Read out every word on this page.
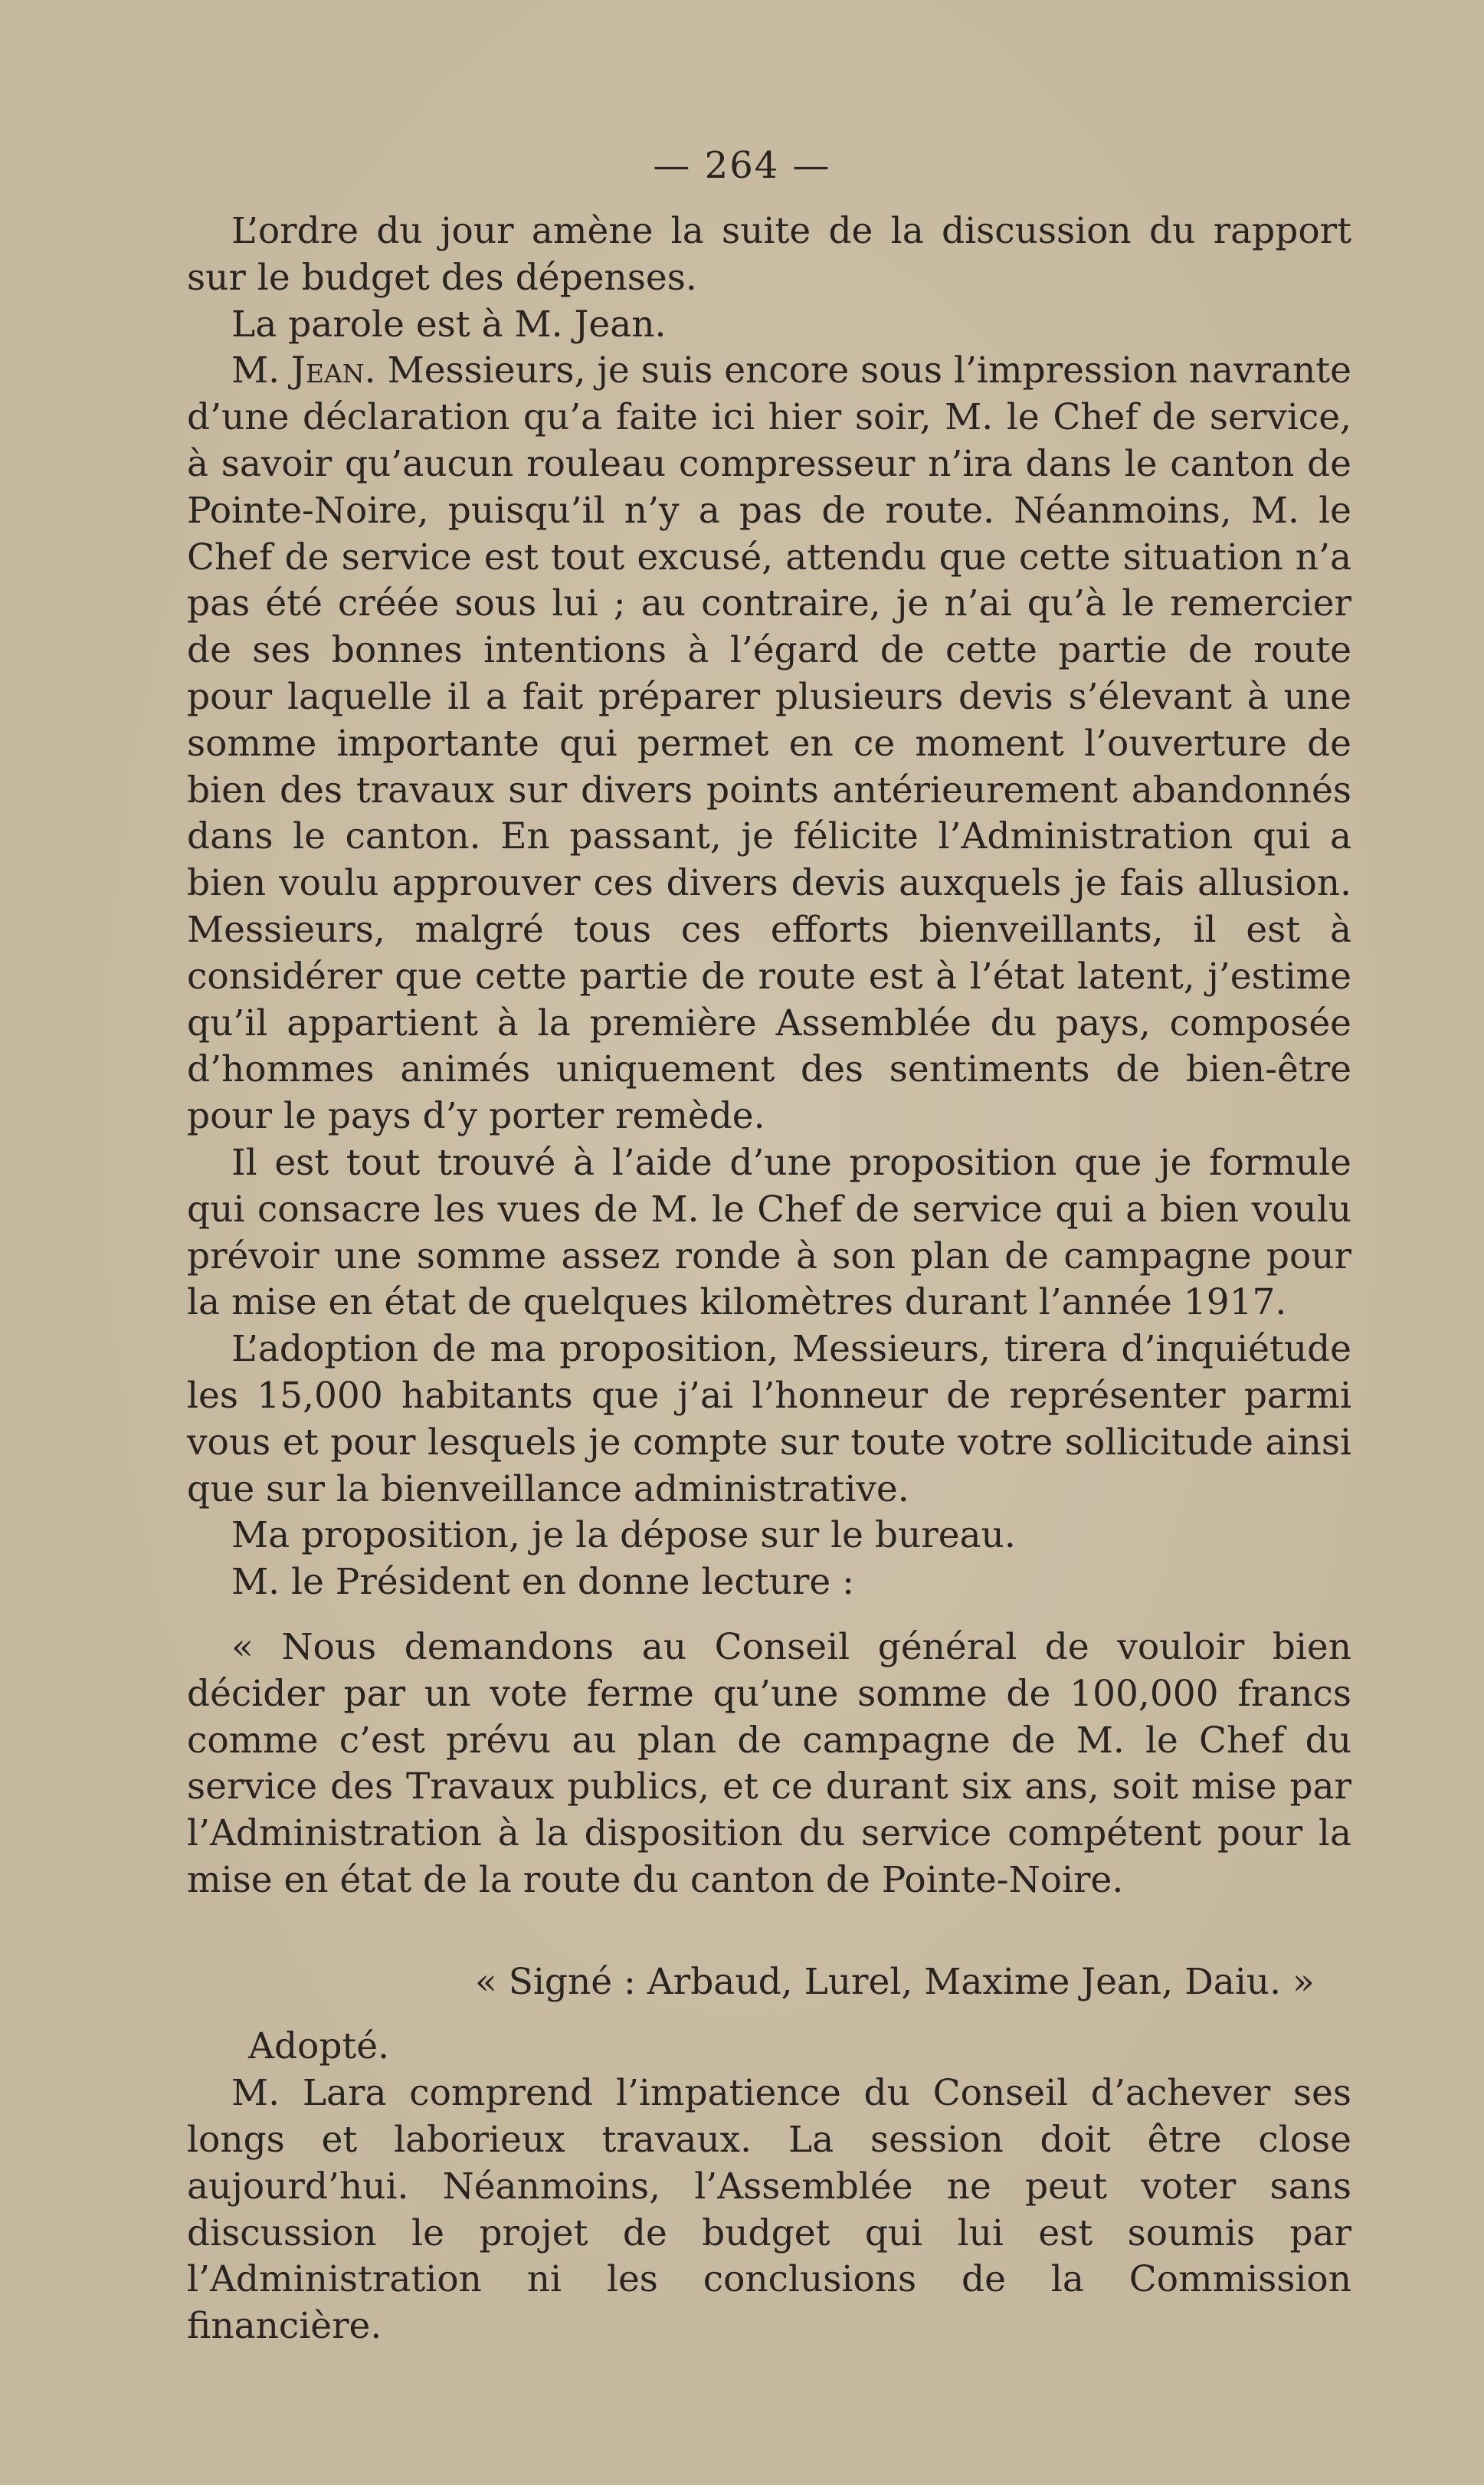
— 264 —

L’ordre du jour amène la suite de la discussion du rapport sur le budget des dépenses.

La parole est à M. Jean.

M. Jean. Messieurs, je suis encore sous l’impression navrante d’une déclaration qu’a faite ici hier soir, M. le Chef de service, à savoir qu’aucun rouleau compresseur n’ira dans le canton de Pointe-Noire, puisqu’il n’y a pas de route. Néanmoins, M. le Chef de service est tout excusé, attendu que cette situation n’a pas été créée sous lui ; au contraire, je n’ai qu’à le remercier de ses bonnes intentions à l’égard de cette partie de route pour laquelle il a fait préparer plusieurs devis s’élevant à une somme importante qui permet en ce moment l’ouverture de bien des travaux sur divers points antérieurement abandonnés dans le canton. En passant, je félicite l’Administration qui a bien voulu approuver ces divers devis auxquels je fais allusion. Messieurs, malgré tous ces efforts bienveillants, il est à considérer que cette partie de route est à l’état latent, j’estime qu’il appartient à la première Assemblée du pays, composée d’hommes animés uniquement des sentiments de bien-être pour le pays d’y porter remède.

Il est tout trouvé à l’aide d’une proposition que je formule qui consacre les vues de M. le Chef de service qui a bien voulu prévoir une somme assez ronde à son plan de campagne pour la mise en état de quelques kilomètres durant l’année 1917.

L’adoption de ma proposition, Messieurs, tirera d’inquiétude les 15,000 habitants que j’ai l’honneur de représenter parmi vous et pour lesquels je compte sur toute votre sollicitude ainsi que sur la bienveillance administrative.

Ma proposition, je la dépose sur le bureau.

M. le Président en donne lecture :

« Nous demandons au Conseil général de vouloir bien décider par un vote ferme qu’une somme de 100,000 francs comme c’est prévu au plan de campagne de M. le Chef du service des Travaux publics, et ce durant six ans, soit mise par l’Administration à la disposition du service compétent pour la mise en état de la route du canton de Pointe-Noire.

« Signé : Arbaud, Lurel, Maxime Jean, Daiu. »

Adopté.

M. Lara comprend l’impatience du Conseil d’achever ses longs et laborieux travaux. La session doit être close aujourd’hui. Néanmoins, l’Assemblée ne peut voter sans discussion le projet de budget qui lui est soumis par l’Administration ni les conclusions de la Commission financière.
